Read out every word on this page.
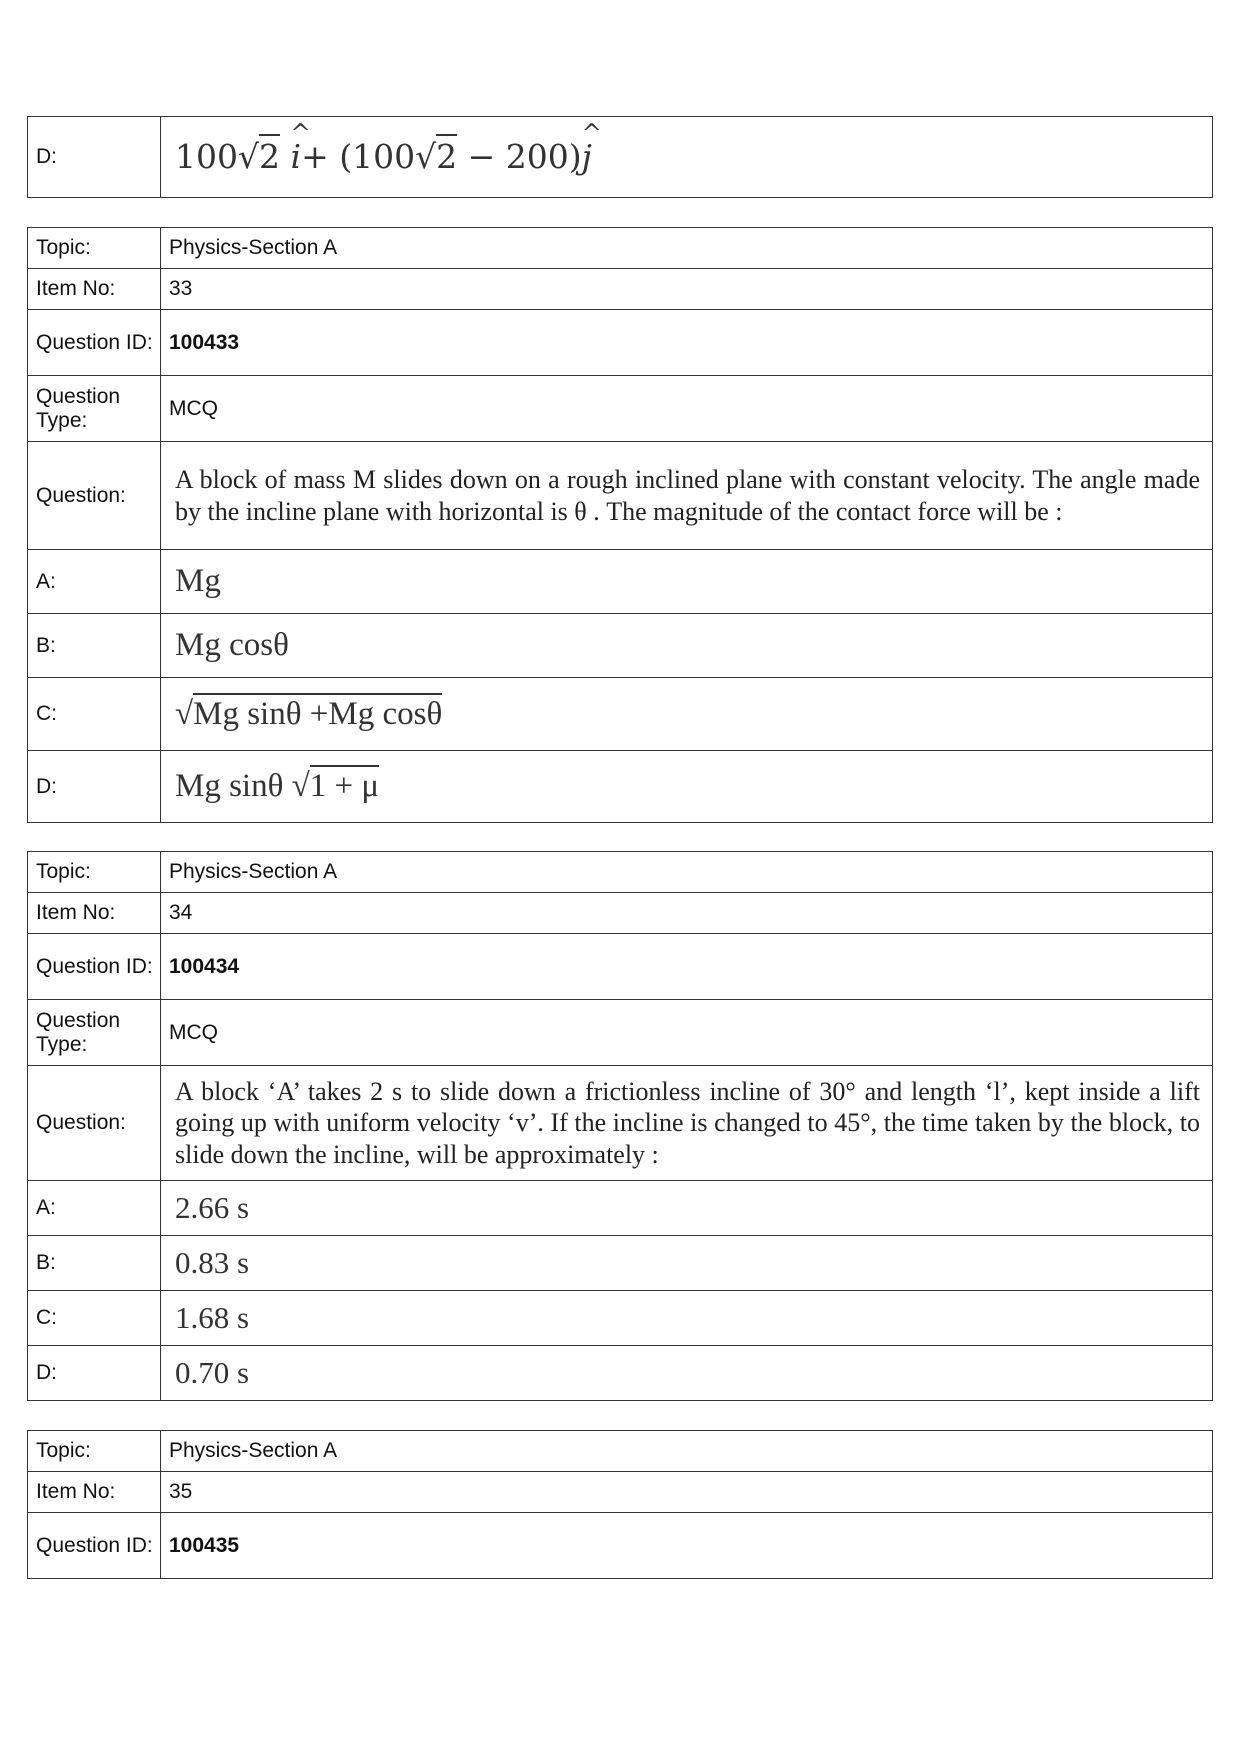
D:	100√2 ^ i+ (100√2 − 200)^ j
Topic:	Physics-Section A
Item No:	33
Question ID:	100433
Question Type:	MCQ
Question:	A block of mass M slides down on a rough inclined plane with constant velocity. The angle made by the incline plane with horizontal is θ . The magnitude of the contact force will be :
A:	Mg
B:	Mg cosθ
C:	√Mg sinθ +Mg cosθ
D:	Mg sinθ √1 + μ
Topic:	Physics-Section A
Item No:	34
Question ID:	100434
Question Type:	MCQ
Question:	A block ‘A’ takes 2 s to slide down a frictionless incline of 30° and length ‘l’, kept inside a lift going up with uniform velocity ‘v’. If the incline is changed to 45°, the time taken by the block, to slide down the incline, will be approximately :
A:	2.66 s
B:	0.83 s
C:	1.68 s
D:	0.70 s
Topic:	Physics-Section A
Item No:	35
Question ID:	100435
